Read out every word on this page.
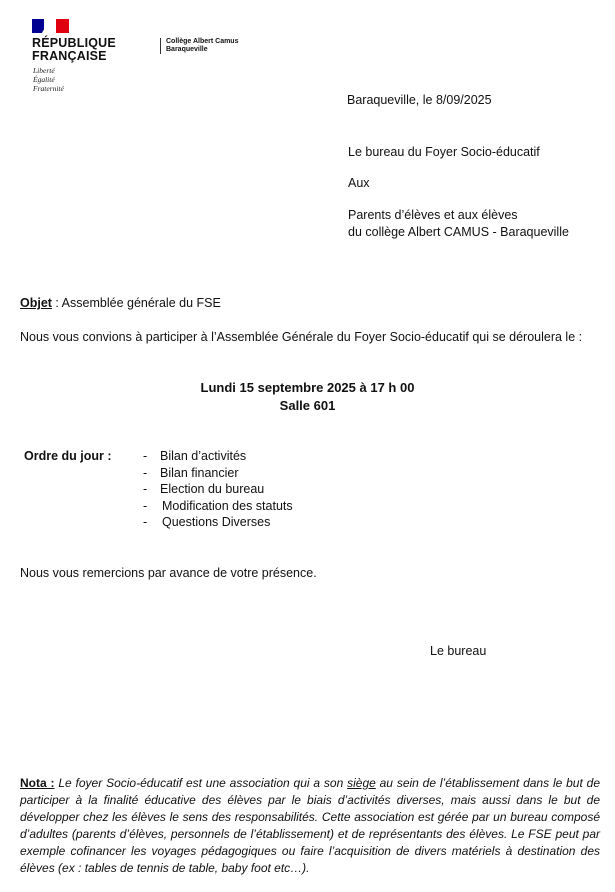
RÉPUBLIQUE
FRANÇAISE
Liberté
Égalité
Fraternité
Collège Albert Camus
Baraqueville
Baraqueville, le 8/09/2025
Le bureau du Foyer Socio-éducatif
Aux
Parents d’élèves et aux élèves
du collège Albert CAMUS - Baraqueville
Objet : Assemblée générale du FSE
Nous vous convions à participer à l’Assemblée Générale du Foyer Socio-éducatif qui se déroulera le :
Lundi 15 septembre 2025 à 17 h 00
Salle 601
Ordre du jour :	- Bilan d’activités
- Bilan financier
- Election du bureau
- Modification des statuts
- Questions Diverses
Nous vous remercions par avance de votre présence.
Le bureau
Nota : Le foyer Socio-éducatif est une association qui a son siège au sein de l’établissement dans le but de participer à la finalité éducative des élèves par le biais d’activités diverses, mais aussi dans le but de développer chez les élèves le sens des responsabilités. Cette association est gérée par un bureau composé d’adultes (parents d’élèves, personnels de l’établissement) et de représentants des élèves. Le FSE peut par exemple cofinancer les voyages pédagogiques ou faire l’acquisition de divers matériels à destination des élèves (ex : tables de tennis de table, baby foot etc…).
